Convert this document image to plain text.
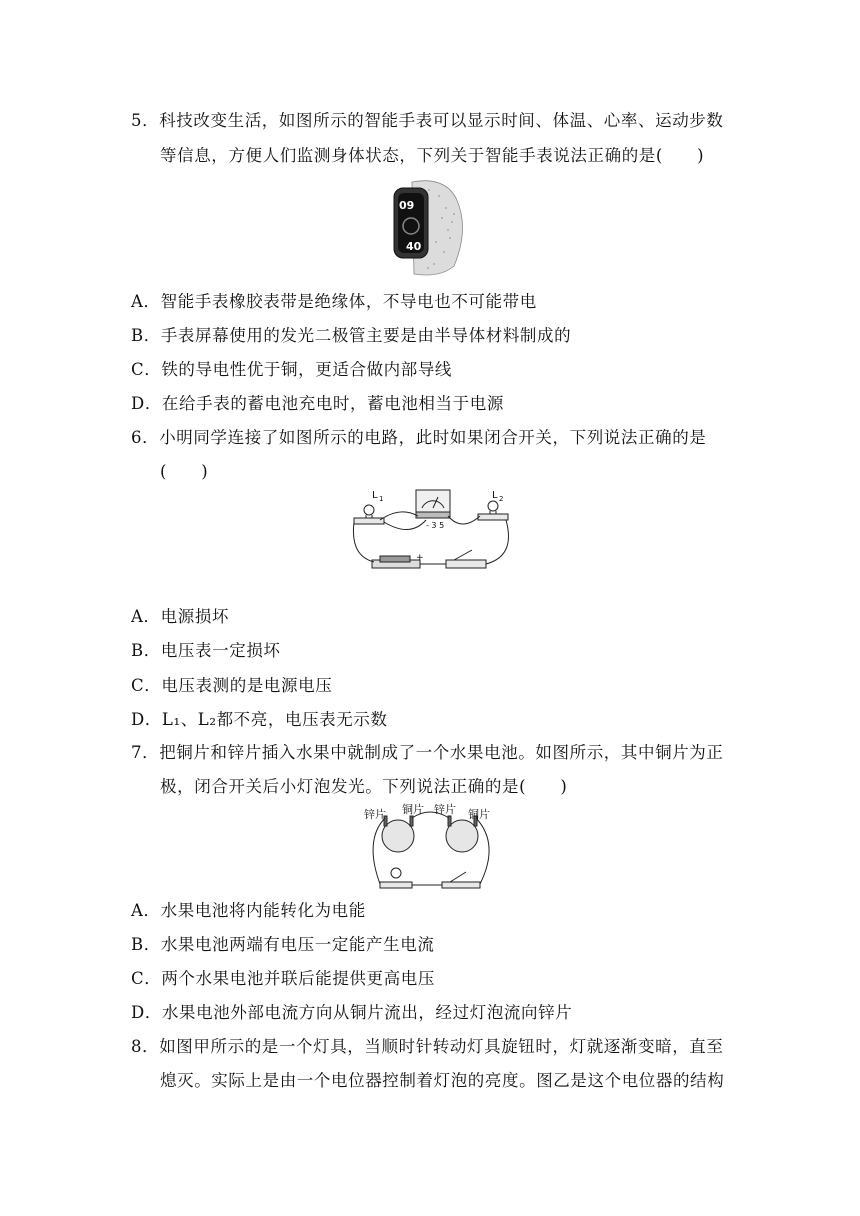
5．科技改变生活，如图所示的智能手表可以显示时间、体温、心率、运动步数
等信息，方便人们监测身体状态，下列关于智能手表说法正确的是(　　)
09
40
A．智能手表橡胶表带是绝缘体，不导电也不可能带电
B．手表屏幕使用的发光二极管主要是由半导体材料制成的
C．铁的导电性优于铜，更适合做内部导线
D．在给手表的蓄电池充电时，蓄电池相当于电源
6．小明同学连接了如图所示的电路，此时如果闭合开关，下列说法正确的是
(　　)
L 1	L 2
- 3 5
+
A．电源损坏
B．电压表一定损坏
C．电压表测的是电源电压
D．L₁、L₂都不亮，电压表无示数
7．把铜片和锌片插入水果中就制成了一个水果电池。如图所示，其中铜片为正
极，闭合开关后小灯泡发光。下列说法正确的是(　　)
锌片 铜片 锌片 铜片
A．水果电池将内能转化为电能
B．水果电池两端有电压一定能产生电流
C．两个水果电池并联后能提供更高电压
D．水果电池外部电流方向从铜片流出，经过灯泡流向锌片
8．如图甲所示的是一个灯具，当顺时针转动灯具旋钮时，灯就逐渐变暗，直至
熄灭。实际上是由一个电位器控制着灯泡的亮度。图乙是这个电位器的结构
